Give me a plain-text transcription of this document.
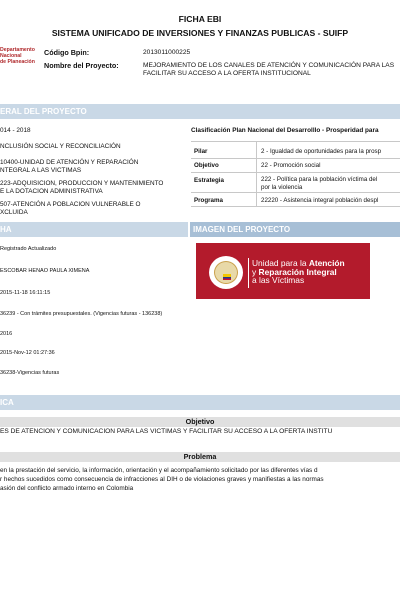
FICHA EBI
SISTEMA UNIFICADO DE INVERSIONES Y FINANZAS PUBLICAS - SUIFP
Departamento
Nacional
de Planeación
Código Bpin:	2013011000225
Nombre del Proyecto:	MEJORAMIENTO DE LOS CANALES DE ATENCIÓN Y COMUNICACIÓN PARA LAS
FACILITAR SU ACCESO A LA OFERTA INSTITUCIONAL
ERAL DEL PROYECTO
014 - 2018
NCLUSIÓN SOCIAL Y RECONCILIACIÓN
10400-UNIDAD DE ATENCIÓN Y REPARACIÓN
NTEGRAL A LAS VICTIMAS
223-ADQUISICION, PRODUCCION Y MANTENIMIENTO
E LA DOTACION ADMINISTRATIVA
507-ATENCIÓN A POBLACION VULNERABLE O
XCLUIDA
Clasificación Plan Nacional del Desarrolllo - Prosperidad para
Pilar	2 - Igualdad de oportunidades para la prosp
Objetivo	22 - Promoción social
Estrategia	222 - Política para la población víctima del
por la violencia
Programa	22220 - Asistencia integral población despl
HA	IMAGEN DEL PROYECTO
Registrado Actualizado
ESCOBAR HENAO PAULA XIMENA
2015-11-18 16:11:15
36239 - Con trámites presupuestales. (Vigencias futuras - 136238)
2016
2015-Nov-12 01:27:36
36238-Vigencias futuras
Unidad para la Atención
y Reparación Integral
a las Víctimas
ICA
Objetivo
ES DE ATENCION Y COMUNICACION PARA LAS VICTIMAS Y FACILITAR SU ACCESO A LA OFERTA INSTITU
Problema
en la prestación del servicio, la información, orientación y el acompañamiento solicitado por las diferentes vías d
r hechos sucedidos como consecuencia de infracciones al DIH o de violaciones graves y manifiestas a las normas
asión del conflicto armado interno en Colombia
